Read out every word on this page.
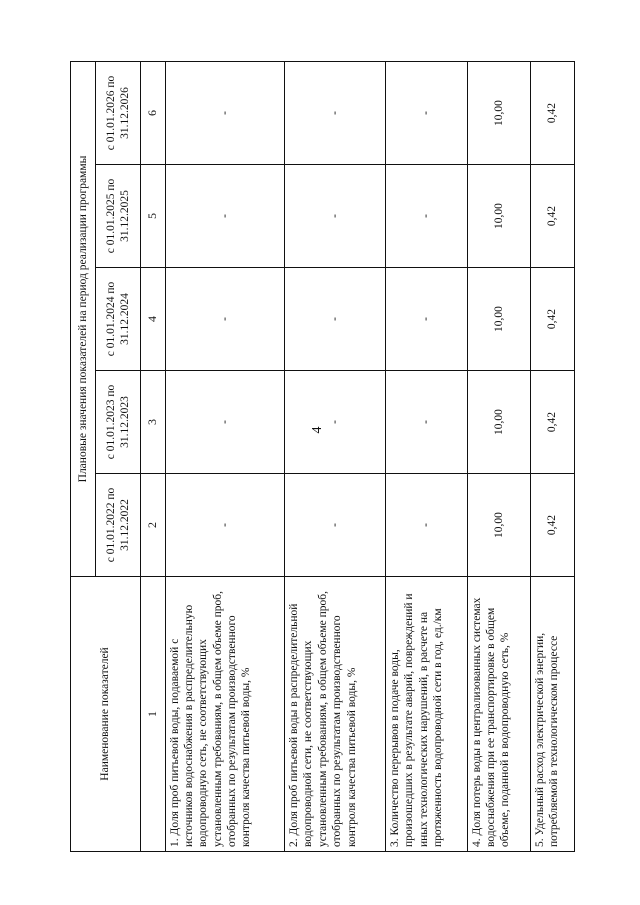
4
Наименование показателей	Плановые значения показателей на период реализации программы				
	с 01.01.2022 по 31.12.2022	с 01.01.2023 по 31.12.2023	с 01.01.2024 по 31.12.2024	с 01.01.2025 по 31.12.2025	с 01.01.2026 по 31.12.2026
1	2	3	4	5	6
1. Доля проб питьевой воды, подаваемой с источников водоснабжения в распределительную водопроводную сеть, не соответствующих установленным требованиям, в общем объеме проб, отобранных по результатам производственного контроля качества питьевой воды, %	-	-	-	-	-
2. Доля проб питьевой воды в распределительной водопроводной сети, не соответствующих установленным требованиям, в общем объеме проб, отобранных по результатам производственного контроля качества питьевой воды, %	-	-	-	-	-
3. Количество перерывов в подаче воды, произошедших в результате аварий, повреждений и иных технологических нарушений, в расчете на протяженность водопроводной сети в год, ед./км	-	-	-	-	-
4. Доля потерь воды в централизованных системах водоснабжения при ее транспортировке в общем объеме, поданной в водопроводную сеть, %	10,00	10,00	10,00	10,00	10,00
5. Удельный расход электрической энергии, потребляемой в технологическом процессе	0,42	0,42	0,42	0,42	0,42
